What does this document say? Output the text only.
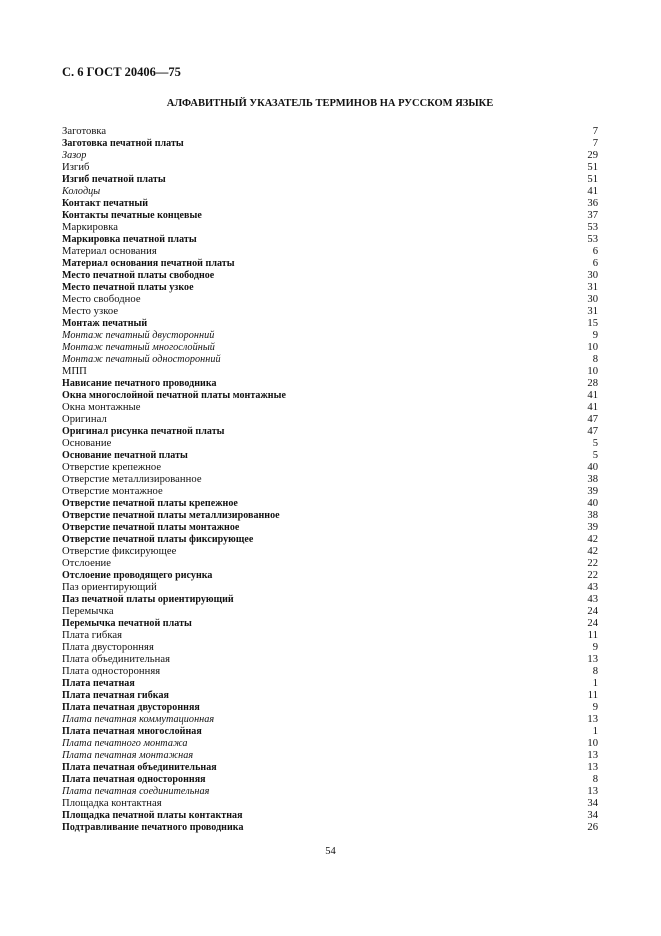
С. 6 ГОСТ 20406—75
АЛФАВИТНЫЙ УКАЗАТЕЛЬ ТЕРМИНОВ НА РУССКОМ ЯЗЫКЕ
Заготовка	7
Заготовка печатной платы	7
Зазор	29
Изгиб	51
Изгиб печатной платы	51
Колодцы	41
Контакт печатный	36
Контакты печатные концевые	37
Маркировка	53
Маркировка печатной платы	53
Материал основания	6
Материал основания печатной платы	6
Место печатной платы свободное	30
Место печатной платы узкое	31
Место свободное	30
Место узкое	31
Монтаж печатный	15
Монтаж печатный двусторонний	9
Монтаж печатный многослойный	10
Монтаж печатный односторонний	8
МПП	10
Нависание печатного проводника	28
Окна многослойной печатной платы монтажные	41
Окна монтажные	41
Оригинал	47
Оригинал рисунка печатной платы	47
Основание	5
Основание печатной платы	5
Отверстие крепежное	40
Отверстие металлизированное	38
Отверстие монтажное	39
Отверстие печатной платы крепежное	40
Отверстие печатной платы металлизированное	38
Отверстие печатной платы монтажное	39
Отверстие печатной платы фиксирующее	42
Отверстие фиксирующее	42
Отслоение	22
Отслоение проводящего рисунка	22
Паз ориентирующий	43
Паз печатной платы ориентирующий	43
Перемычка	24
Перемычка печатной платы	24
Плата гибкая	11
Плата двусторонняя	9
Плата объединительная	13
Плата односторонняя	8
Плата печатная	1
Плата печатная гибкая	11
Плата печатная двусторонняя	9
Плата печатная коммутационная	13
Плата печатная многослойная	1
Плата печатного монтажа	10
Плата печатная монтажная	13
Плата печатная объединительная	13
Плата печатная односторонняя	8
Плата печатная соединительная	13
Площадка контактная	34
Площадка печатной платы контактная	34
Подтравливание печатного проводника	26
54
